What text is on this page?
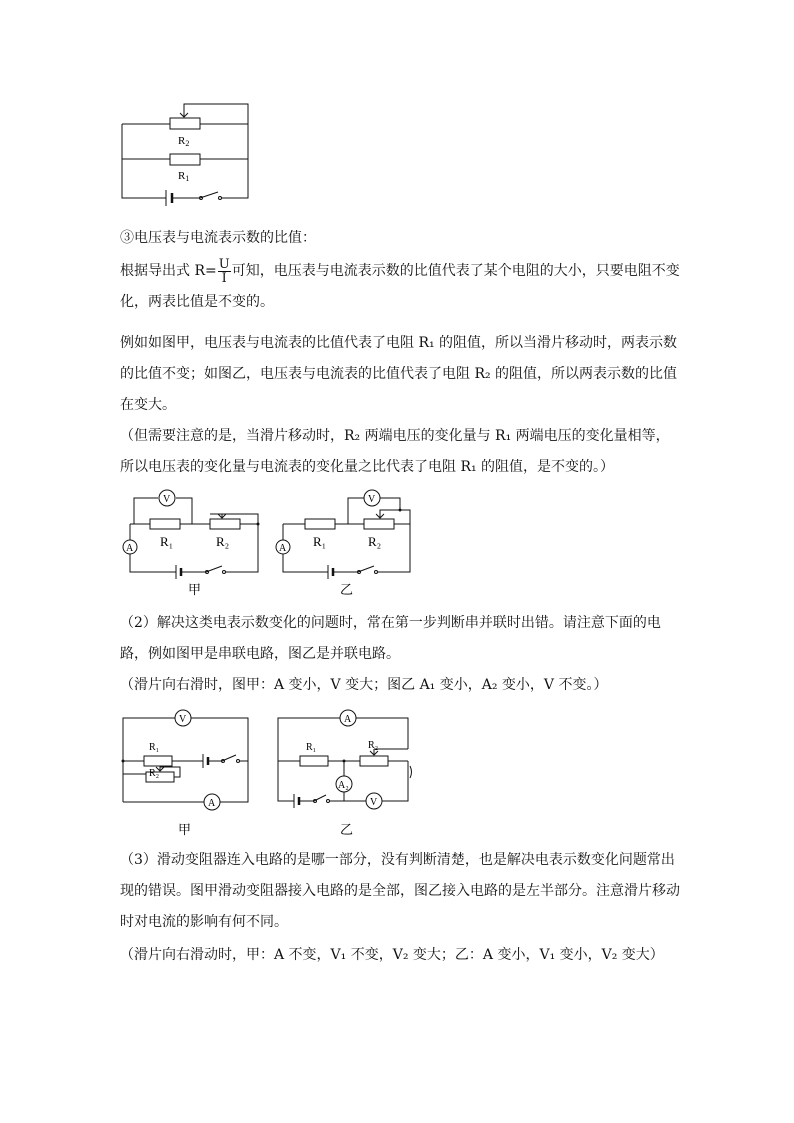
R2
R1

③电压表与电流表示数的比值：

根据导出式 $R= \frac{U}{I}$ 可知，电压表与电流表示数的比值代表了某个电阻的大小，只要电阻不变化，两表比值是不变的。

例如如图甲，电压表与电流表的比值代表了电阻 R₁ 的阻值，所以当滑片移动时，两表示数的比值不变；如图乙，电压表与电流表的比值代表了电阻 R₂ 的阻值，所以两表示数的比值在变大。

（但需要注意的是，当滑片移动时，R₂ 两端电压的变化量与 R₁ 两端电压的变化量相等，所以电压表的变化量与电流表的变化量之比代表了电阻 R₁ 的阻值，是不变的。）

V
A R₁	R₂
甲
V
A R₁	R₂
乙

（2）解决这类电表示数变化的问题时，常在第一步判断串并联时出错。请注意下面的电路，例如图甲是串联电路，图乙是并联电路。

（滑片向右滑时，图甲：A 变小，V 变大；图乙 A₁ 变小，A₂ 变小，V 不变。）

V
R₁
R₂
A
甲
A
R₁	R₂
A₂
V
乙

（3）滑动变阻器连入电路的是哪一部分，没有判断清楚，也是解决电表示数变化问题常出现的错误。图甲滑动变阻器接入电路的是全部，图乙接入电路的是左半部分。注意滑片移动时对电流的影响有何不同。

（滑片向右滑动时，甲：A 不变，V₁ 不变，V₂ 变大；乙：A 变小，V₁ 变小，V₂ 变大）
